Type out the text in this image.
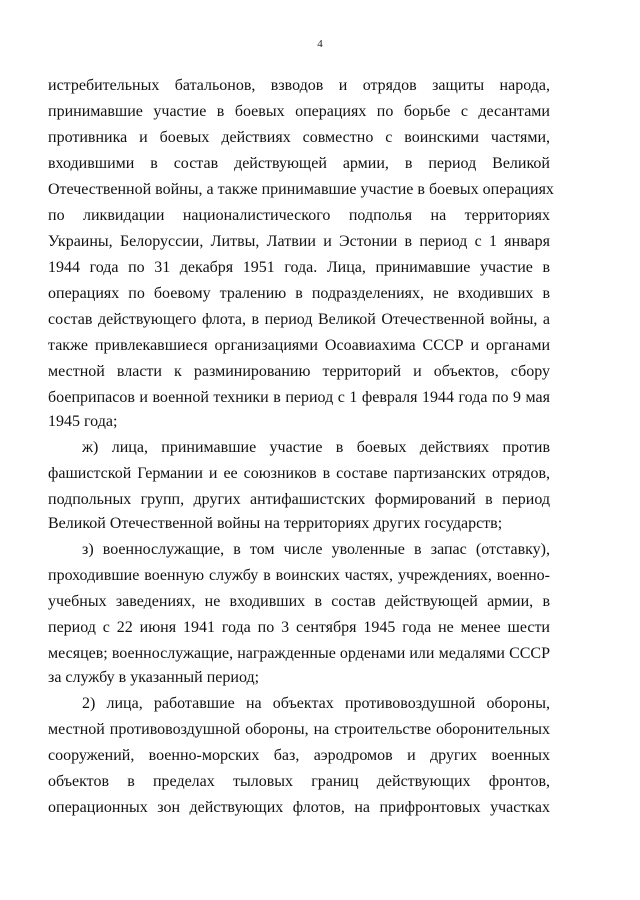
4
истребительных батальонов, взводов и отрядов защиты народа,
принимавшие участие в боевых операциях по борьбе с десантами
противника и боевых действиях совместно с воинскими частями,
входившими в состав действующей армии, в период Великой
Отечественной войны, а также принимавшие участие в боевых операциях
по ликвидации националистического подполья на территориях
Украины, Белоруссии, Литвы, Латвии и Эстонии в период с 1 января
1944 года по 31 декабря 1951 года. Лица, принимавшие участие в
операциях по боевому тралению в подразделениях, не входивших в
состав действующего флота, в период Великой Отечественной войны, а
также привлекавшиеся организациями Осоавиахима СССР и органами
местной власти к разминированию территорий и объектов, сбору
боеприпасов и военной техники в период с 1 февраля 1944 года по 9 мая
1945 года;
ж) лица, принимавшие участие в боевых действиях против
фашистской Германии и ее союзников в составе партизанских отрядов,
подпольных групп, других антифашистских формирований в период
Великой Отечественной войны на территориях других государств;
з) военнослужащие, в том числе уволенные в запас (отставку),
проходившие военную службу в воинских частях, учреждениях, военно-
учебных заведениях, не входивших в состав действующей армии, в
период с 22 июня 1941 года по 3 сентября 1945 года не менее шести
месяцев; военнослужащие, награжденные орденами или медалями СССР
за службу в указанный период;
2) лица, работавшие на объектах противовоздушной обороны,
местной противовоздушной обороны, на строительстве оборонительных
сооружений, военно-морских баз, аэродромов и других военных
объектов в пределах тыловых границ действующих фронтов,
операционных зон действующих флотов, на прифронтовых участках
